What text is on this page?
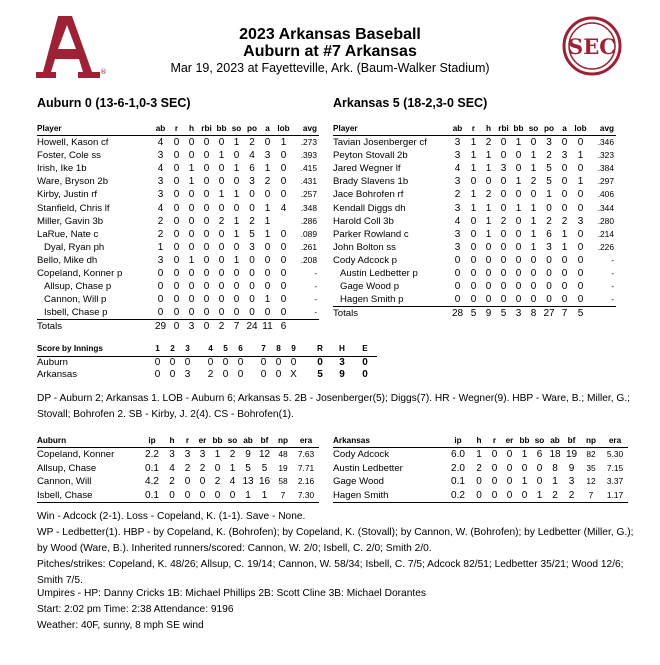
®
SEC
2023 Arkansas Baseball
Auburn at #7 Arkansas
Mar 19, 2023 at Fayetteville, Ark. (Baum-Walker Stadium)
Auburn 0 (13-6-1,0-3 SEC)	Arkansas 5 (18-2,3-0 SEC)
Player	ab	r	h	rbi	bb	so	po	a	lob	avg
Howell, Kason cf	4	0	0	0	0	1	2	0	1	.273
Foster, Cole ss	3	0	0	0	1	0	4	3	0	.393
Irish, Ike 1b	4	0	1	0	0	1	6	1	0	.415
Ware, Bryson 2b	3	0	1	0	0	0	3	2	0	.431
Kirby, Justin rf	3	0	0	0	1	1	0	0	0	.257
Stanfield, Chris lf	4	0	0	0	0	0	0	1	4	.348
Miller, Gavin 3b	2	0	0	0	2	1	2	1		.286
LaRue, Nate c	2	0	0	0	0	1	5	1	0	.089
Dyal, Ryan ph	1	0	0	0	0	0	3	0	0	.261
Bello, Mike dh	3	0	1	0	0	1	0	0	0	.208
Copeland, Konner p	0	0	0	0	0	0	0	0	0	-
Allsup, Chase p	0	0	0	0	0	0	0	0	0	-
Cannon, Will p	0	0	0	0	0	0	0	1	0	-
Isbell, Chase p	0	0	0	0	0	0	0	0	0	-
Totals	29	0	3	0	2	7	24	11	6	
Player	ab	r	h	rbi	bb	so	po	a	lob	avg
Tavian Josenberger cf	3	1	2	0	1	0	3	0	0	.346
Peyton Stovall 2b	3	1	1	0	0	1	2	3	1	.323
Jared Wegner lf	4	1	1	3	0	1	5	0	0	.384
Brady Slavens 1b	3	0	0	0	1	2	5	0	1	.297
Jace Bohrofen rf	2	1	2	0	0	0	1	0	0	.406
Kendall Diggs dh	3	1	1	0	1	1	0	0	0	.344
Harold Coll 3b	4	0	1	2	0	1	2	2	3	.280
Parker Rowland c	3	0	1	0	0	1	6	1	0	.214
John Bolton ss	3	0	0	0	0	1	3	1	0	.226
Cody Adcock p	0	0	0	0	0	0	0	0	0	-
Austin Ledbetter p	0	0	0	0	0	0	0	0	0	-
Gage Wood p	0	0	0	0	0	0	0	0	0	-
Hagen Smith p	0	0	0	0	0	0	0	0	0	-
Totals	28	5	9	5	3	8	27	7	5	
Score by Innings	1	2	3		4	5	6		7	8	9		R	H	E
Auburn	0	0	0		0	0	0		0	0	0		0	3	0
Arkansas	0	0	3		2	0	0		0	0	X		5	9	0
DP - Auburn 2; Arkansas 1. LOB - Auburn 6; Arkansas 5. 2B - Josenberger(5); Diggs(7). HR - Wegner(9). HBP - Ware, B.; Miller, G.; Stovall; Bohrofen 2. SB - Kirby, J. 2(4). CS - Bohrofen(1).
Auburn	ip	h	r	er	bb	so	ab	bf	np	era
Copeland, Konner	2.2	3	3	3	1	2	9	12	48	7.63
Allsup, Chase	0.1	4	2	2	0	1	5	5	19	7.71
Cannon, Will	4.2	2	0	0	2	4	13	16	58	2.16
Isbell, Chase	0.1	0	0	0	0	0	1	1	7	7.30
Arkansas	ip	h	r	er	bb	so	ab	bf	np	era
Cody Adcock	6.0	1	0	0	1	6	18	19	82	5.30
Austin Ledbetter	2.0	2	0	0	0	0	8	9	35	7.15
Gage Wood	0.1	0	0	0	1	0	1	3	12	3.37
Hagen Smith	0.2	0	0	0	0	1	2	2	7	1.17
Win - Adcock (2-1). Loss - Copeland, K. (1-1). Save - None.
WP - Ledbetter(1). HBP - by Copeland, K. (Bohrofen); by Copeland, K. (Stovall); by Cannon, W. (Bohrofen); by Ledbetter (Miller, G.); by Wood (Ware, B.). Inherited runners/scored: Cannon, W. 2/0; Isbell, C. 2/0; Smith 2/0.
Pitches/strikes: Copeland, K. 48/26; Allsup, C. 19/14; Cannon, W. 58/34; Isbell, C. 7/5; Adcock 82/51; Ledbetter 35/21; Wood 12/6; Smith 7/5.
Umpires - HP: Danny Cricks 1B: Michael Phillips 2B: Scott Cline 3B: Michael Dorantes
Start: 2:02 pm Time: 2:38 Attendance: 9196
Weather: 40F, sunny, 8 mph SE wind
